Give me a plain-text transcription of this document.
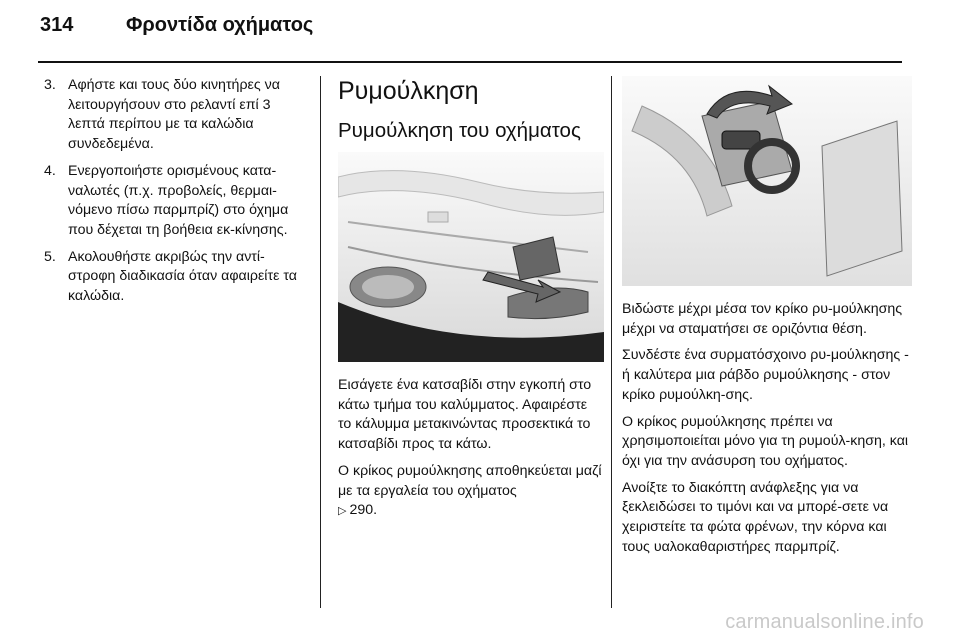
314	Φροντίδα οχήματος
3. Αφήστε και τους δύο κινητήρες να λειτουργήσουν στο ρελαντί επί 3 λεπτά περίπου με τα καλώδια συνδεδεμένα.
4. Ενεργοποιήστε ορισμένους κατα-ναλωτές (π.χ. προβολείς, θερμαι-νόμενο πίσω παρμπρίζ) στο όχημα που δέχεται τη βοήθεια εκ-κίνησης.
5. Ακολουθήστε ακριβώς την αντί-στροφη διαδικασία όταν αφαιρείτε τα καλώδια.
Ρυμούλκηση
Ρυμούλκηση του οχήματος

Εισάγετε ένα κατσαβίδι στην εγκοπή στο κάτω τμήμα του καλύμματος. Αφαιρέστε το κάλυμμα μετακινώντας προσεκτικά το κατσαβίδι προς τα κάτω.

Ο κρίκος ρυμούλκησης αποθηκεύεται μαζί με τα εργαλεία του οχήματος
▷ 290.

Βιδώστε μέχρι μέσα τον κρίκο ρυ-μούλκησης μέχρι να σταματήσει σε οριζόντια θέση.

Συνδέστε ένα συρματόσχοινο ρυ-μούλκησης - ή καλύτερα μια ράβδο ρυμούλκησης - στον κρίκο ρυμούλκη-σης.

Ο κρίκος ρυμούλκησης πρέπει να χρησιμοποιείται μόνο για τη ρυμούλ-κηση, και όχι για την ανάσυρση του οχήματος.

Ανοίξτε το διακόπτη ανάφλεξης για να ξεκλειδώσει το τιμόνι και να μπορέ-σετε να χειριστείτε τα φώτα φρένων, την κόρνα και τους υαλοκαθαριστήρες παρμπρίζ.

carmanualsonline.info
